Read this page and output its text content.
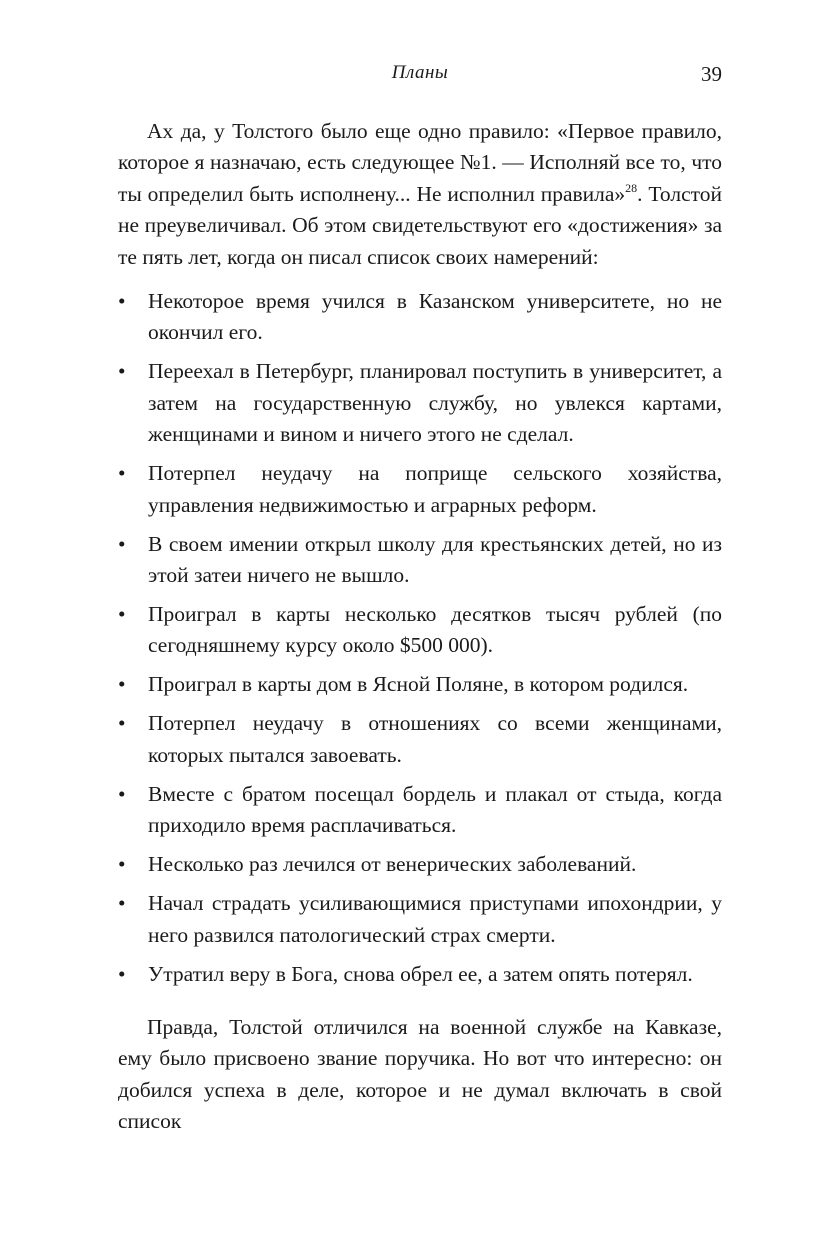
Планы	39

Ах да, у Толстого было еще одно правило: «Первое правило, которое я назначаю, есть следующее №1. — Исполняй все то, что ты определил быть исполнену... Не исполнил правила»$^{28}$. Толстой не преувеличивал. Об этом свидетельствуют его «достижения» за те пять лет, когда он писал список своих намерений:

•	Некоторое время учился в Казанском университете, но не окончил его.
•	Переехал в Петербург, планировал поступить в университет, а затем на государственную службу, но увлекся картами, женщинами и вином и ничего этого не сделал.
•	Потерпел неудачу на поприще сельского хозяйства, управления недвижимостью и аграрных реформ.
•	В своем имении открыл школу для крестьянских детей, но из этой затеи ничего не вышло.
•	Проиграл в карты несколько десятков тысяч рублей (по сегодняшнему курсу около $500 000).
•	Проиграл в карты дом в Ясной Поляне, в котором родился.
•	Потерпел неудачу в отношениях со всеми женщинами, которых пытался завоевать.
•	Вместе с братом посещал бордель и плакал от стыда, когда приходило время расплачиваться.
•	Несколько раз лечился от венерических заболеваний.
•	Начал страдать усиливающимися приступами ипохондрии, у него развился патологический страх смерти.
•	Утратил веру в Бога, снова обрел ее, а затем опять потерял.

Правда, Толстой отличился на военной службе на Кавказе, ему было присвоено звание поручика. Но вот что интересно: он добился успеха в деле, которое и не думал включать в свой список
